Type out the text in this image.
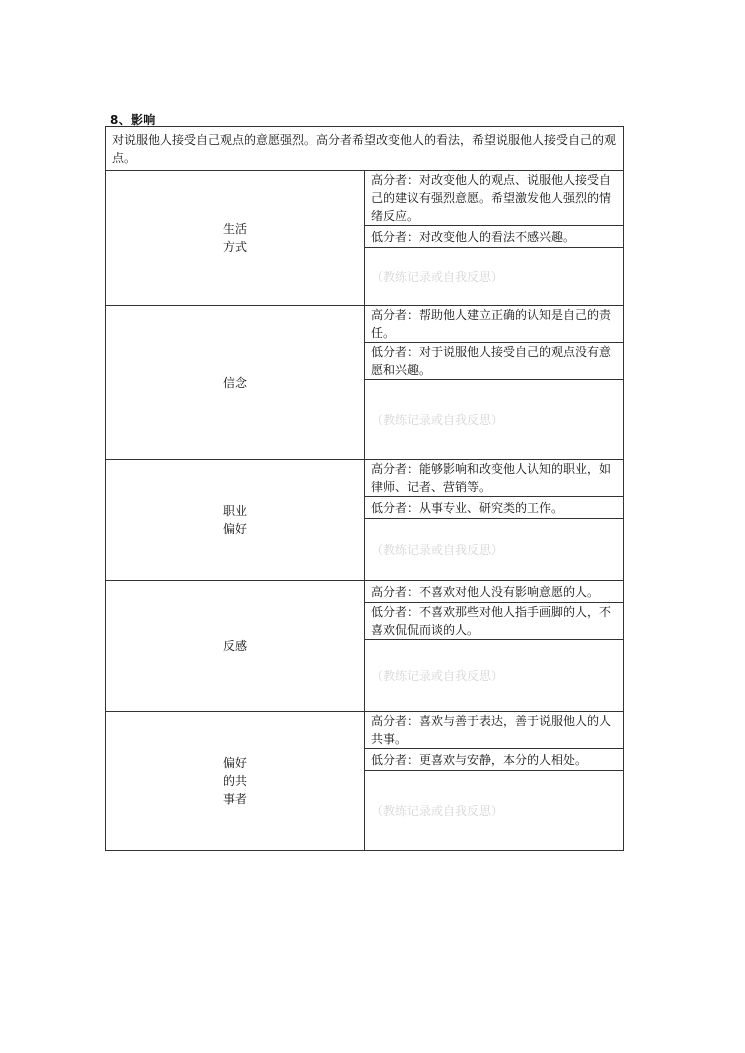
8、影响
对说服他人接受自己观点的意愿强烈。高分者希望改变他人的看法，希望说服他人接受自己的观点。	

生活
方式	高分者：对改变他人的观点、说服他人接受自己的建议有强烈意愿。希望激发他人强烈的情绪反应。
	低分者：对改变他人的看法不感兴趣。
	（教练记录或自我反思）

信念	高分者：帮助他人建立正确的认知是自己的责任。
	低分者：对于说服他人接受自己的观点没有意愿和兴趣。
	（教练记录或自我反思）

职业
偏好	高分者：能够影响和改变他人认知的职业，如律师、记者、营销等。
	低分者：从事专业、研究类的工作。
	（教练记录或自我反思）

反感	高分者：不喜欢对他人没有影响意愿的人。
	低分者：不喜欢那些对他人指手画脚的人，不喜欢侃侃而谈的人。
	（教练记录或自我反思）

偏好
的共
事者	高分者：喜欢与善于表达，善于说服他人的人共事。
	低分者：更喜欢与安静，本分的人相处。
	（教练记录或自我反思）
